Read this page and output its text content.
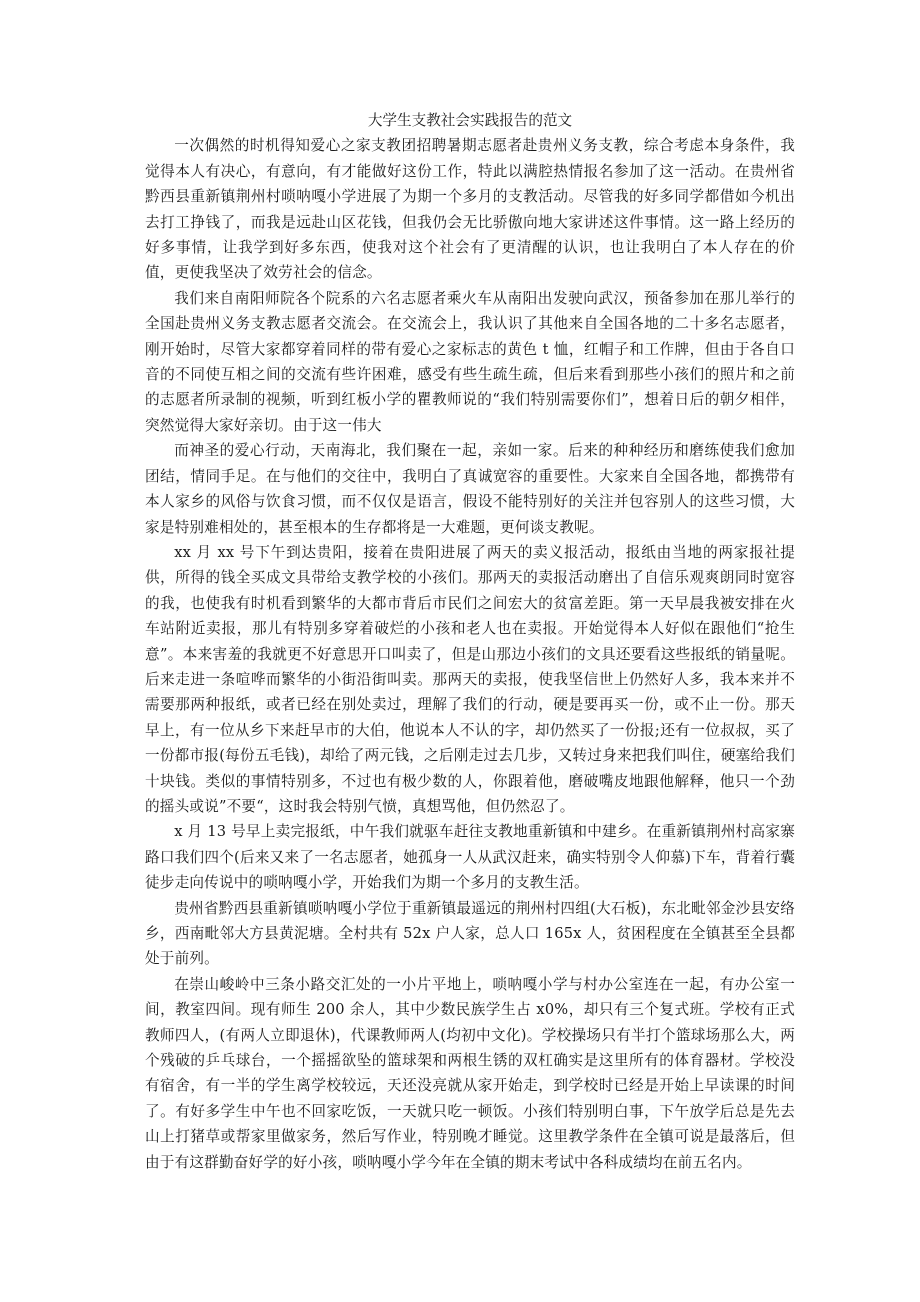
大学生支教社会实践报告的范文

一次偶然的时机得知爱心之家支教团招聘暑期志愿者赴贵州义务支教，综合考虑本身条件，我觉得本人有决心，有意向，有才能做好这份工作，特此以满腔热情报名参加了这一活动。在贵州省黔西县重新镇荆州村唢呐嘎小学进展了为期一个多月的支教活动。尽管我的好多同学都借如今机出去打工挣钱了，而我是远赴山区花钱，但我仍会无比骄傲向地大家讲述这件事情。这一路上经历的好多事情，让我学到好多东西，使我对这个社会有了更清醒的认识，也让我明白了本人存在的价值，更使我坚决了效劳社会的信念。

我们来自南阳师院各个院系的六名志愿者乘火车从南阳出发驶向武汉，预备参加在那儿举行的全国赴贵州义务支教志愿者交流会。在交流会上，我认识了其他来自全国各地的二十多名志愿者，刚开始时，尽管大家都穿着同样的带有爱心之家标志的黄色 t 恤，红帽子和工作牌，但由于各自口音的不同使互相之间的交流有些许困难，感受有些生疏生疏，但后来看到那些小孩们的照片和之前的志愿者所录制的视频，听到红板小学的瞿教师说的“我们特别需要你们”，想着日后的朝夕相伴，突然觉得大家好亲切。由于这一伟大

而神圣的爱心行动，天南海北，我们聚在一起，亲如一家。后来的种种经历和磨练使我们愈加团结，情同手足。在与他们的交往中，我明白了真诚宽容的重要性。大家来自全国各地，都携带有本人家乡的风俗与饮食习惯，而不仅仅是语言，假设不能特别好的关注并包容别人的这些习惯，大家是特别难相处的，甚至根本的生存都将是一大难题，更何谈支教呢。

xx 月 xx 号下午到达贵阳，接着在贵阳进展了两天的卖义报活动，报纸由当地的两家报社提供，所得的钱全买成文具带给支教学校的小孩们。那两天的卖报活动磨出了自信乐观爽朗同时宽容的我，也使我有时机看到繁华的大都市背后市民们之间宏大的贫富差距。第一天早晨我被安排在火车站附近卖报，那儿有特别多穿着破烂的小孩和老人也在卖报。开始觉得本人好似在跟他们“抢生意”。本来害羞的我就更不好意思开口叫卖了，但是山那边小孩们的文具还要看这些报纸的销量呢。后来走进一条喧哗而繁华的小街沿街叫卖。那两天的卖报，使我坚信世上仍然好人多，我本来并不需要那两种报纸，或者已经在别处卖过，理解了我们的行动，硬是要再买一份，或不止一份。那天早上，有一位从乡下来赶早市的大伯，他说本人不认的字，却仍然买了一份报;还有一位叔叔，买了一份都市报(每份五毛钱)，却给了两元钱，之后刚走过去几步，又转过身来把我们叫住，硬塞给我们十块钱。类似的事情特别多，不过也有极少数的人，你跟着他，磨破嘴皮地跟他解释，他只一个劲的摇头或说”不要“，这时我会特别气愤，真想骂他，但仍然忍了。

x 月 13 号早上卖完报纸，中午我们就驱车赶往支教地重新镇和中建乡。在重新镇荆州村高家寨路口我们四个(后来又来了一名志愿者，她孤身一人从武汉赶来，确实特别令人仰慕)下车，背着行囊徒步走向传说中的唢呐嘎小学，开始我们为期一个多月的支教生活。

贵州省黔西县重新镇唢呐嘎小学位于重新镇最遥远的荆州村四组(大石板)，东北毗邻金沙县安络乡，西南毗邻大方县黄泥塘。全村共有 52x 户人家，总人口 165x 人，贫困程度在全镇甚至全县都处于前列。

在崇山峻岭中三条小路交汇处的一小片平地上，唢呐嘎小学与村办公室连在一起，有办公室一间，教室四间。现有师生 200 余人，其中少数民族学生占 x0%，却只有三个复式班。学校有正式教师四人，(有两人立即退休)，代课教师两人(均初中文化)。学校操场只有半打个篮球场那么大，两个残破的乒乓球台，一个摇摇欲坠的篮球架和两根生锈的双杠确实是这里所有的体育器材。学校没有宿舍，有一半的学生离学校较远，天还没亮就从家开始走，到学校时已经是开始上早读课的时间了。有好多学生中午也不回家吃饭，一天就只吃一顿饭。小孩们特别明白事，下午放学后总是先去山上打猪草或帮家里做家务，然后写作业，特别晚才睡觉。这里教学条件在全镇可说是最落后，但由于有这群勤奋好学的好小孩，唢呐嘎小学今年在全镇的期末考试中各科成绩均在前五名内。
